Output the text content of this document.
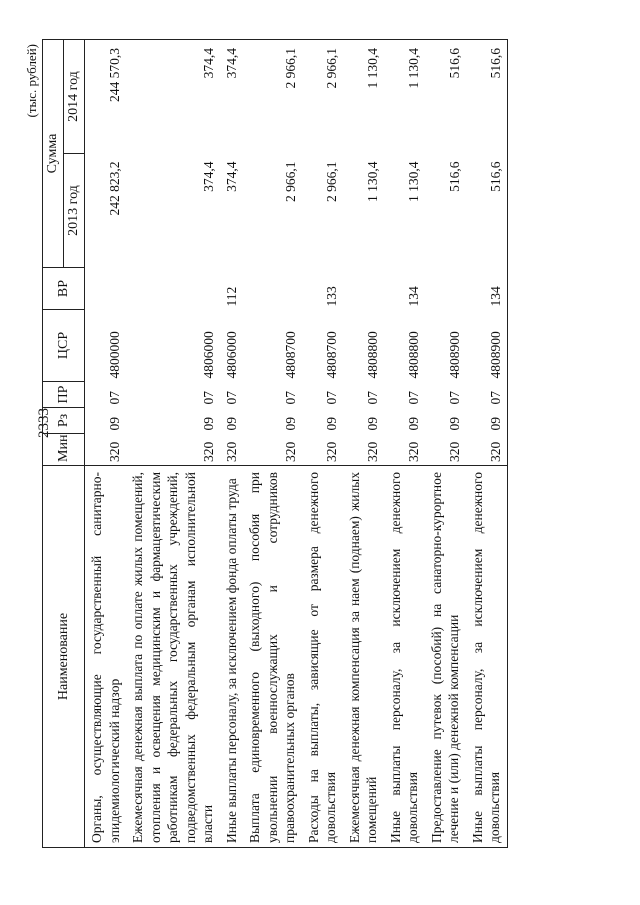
2333
(тыс. рублей)
Наименование	Мин	Рз	ПР	ЦСР	ВР	Сумма	
						2013 год	2014 год
Органы, осуществляющие государственный санитарно-эпидемиологический надзор	320	09	07	4800000		242 823,2	244 570,3
Ежемесячная денежная выплата по оплате жилых помещений, отопления и освещения медицинским и фармацевтическим работникам федеральных государственных учреждений, подведомственных федеральным органам исполнительной власти	320	09	07	4806000		374,4	374,4
Иные выплаты персоналу, за исключением фонда оплаты труда	320	09	07	4806000	112	374,4	374,4
Выплата единовременного (выходного) пособия при увольнении военнослужащих и сотрудников правоохранительных органов	320	09	07	4808700		2 966,1	2 966,1
Расходы на выплаты, зависящие от размера денежного довольствия	320	09	07	4808700	133	2 966,1	2 966,1
Ежемесячная денежная компенсация за наем (поднаем) жилых помещений	320	09	07	4808800		1 130,4	1 130,4
Иные выплаты персоналу, за исключением денежного довольствия	320	09	07	4808800	134	1 130,4	1 130,4
Предоставление путевок (пособий) на санаторно-курортное лечение и (или) денежной компенсации	320	09	07	4808900		516,6	516,6
Иные выплаты персоналу, за исключением денежного довольствия	320	09	07	4808900	134	516,6	516,6
